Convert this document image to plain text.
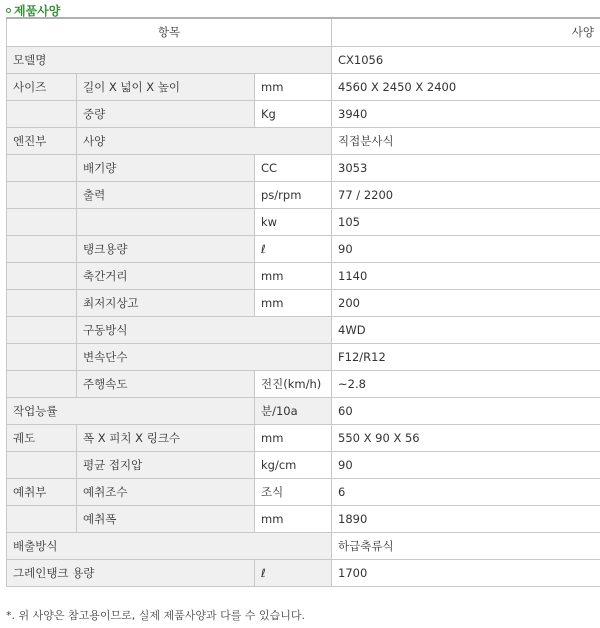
제품사양
항목			사양
모델명			CX1056
사이즈	길이 X 넓이 X 높이	mm	4560 X 2450 X 2400
	중량	Kg	3940
엔진부	사양		직접분사식
	배기량	CC	3053
	출력	ps/rpm	77 / 2200
		kw	105
	탱크용량	ℓ	90
	축간거리	mm	1140
	최저지상고	mm	200
	구동방식		4WD
	변속단수		F12/R12
	주행속도	전진(km/h)	~2.8
작업능률		분/10a	60
궤도	폭 X 피치 X 링크수	mm	550 X 90 X 56
	평균 접지압	kg/cm	90
예취부	예취조수	조식	6
	예취폭	mm	1890
배출방식			하급축류식
그레인탱크 용량		ℓ	1700
*. 위 사양은 참고용이므로, 실제 제품사양과 다를 수 있습니다.
